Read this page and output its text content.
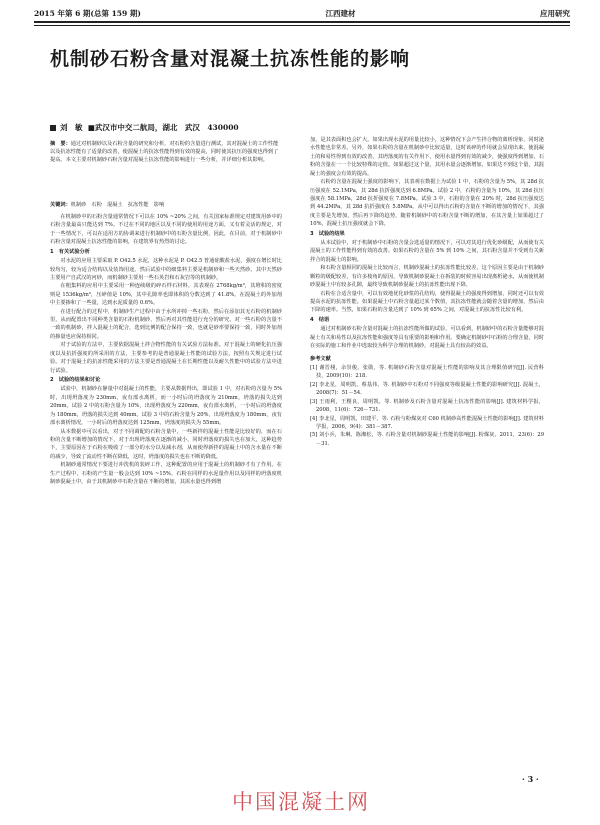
2015 年第 6 期(总第 159 期)	江西建材	应用研究
机制砂石粉含量对混凝土抗冻性能的影响
刘　敏 ■武汉市中交二航局，湖北　武汉　430000
摘　要：通过对机制砂以及石粉含量的研究和分析，对石粉的含量进行测试，其对混凝土的工作性能以及抗冻性能有了适量的改善，使混凝土的抗冻性能得到有效的提高，同时使其抗压的强度也得到了提高。本文主要对机制砂石粉含量对混凝土抗冻性能的影响进行一些分析，并详细分析其影响。
关键词：机制砂　石粉　混凝土　抗冻性能　影响

在机制砂中的石粉含量通常情况下可以在 10% ~20% 之间，有关国家标准规定对建筑用砂中的石粉含量最高只能达到 7%。不过在不同的地区以及不同的使用的用途方面，又有着灵活的规定，对于一些情况下，可以在适用方的协调来进行机制砂中的石粉含量比例，因此，在目前，对于机制砂中石粉含量对混凝土抗冻性能的影响，在建筑界有热烈的讨论。

1　有关试验分析

对水泥的应用主要采取 P. O42.5 水泥，这种水泥是 P. O42.5 普通硅酸盐水泥，强度在增长时比较均匀，较为适合结构以及装饰用途。然后试验中的细集料主要是机制砂和一些天然砂。其中天然砂主要用产自武汉的河砂，而机制砂主要用一些石英岩和石灰岩等的机制砂。

在粗集料的应用中主要采用一种连续级的碎石样石材料，其表观在 2768kg/m³，其堆积的密度则是 1536kg/m³，压碎值是 10%，其中孔隙率也即体积的分数达到了 41.8%。在混凝土的外加剂中主要掺和了一些量，达到水泥质量的 0.6%。

在进行配合的过程中，机制砂生产过程中由于水所冲掉一些石粉，然后在添加其无石粉的机制砂里，从而配置出不同种类含量的石粉机制砂，然后再对其性能进行充分的研究。对一些石粉的含量不一致的机制砂，拌入混凝土的配合，选到比例的配合保持一致，也就是砂率要保持一致，同时外加剂的掺量也应保持相同。

对于试验的方法中，主要依据混凝土拌合物性能的有关试验方法标准。对于混凝土的硬化抗压强度以及抗折强度的所采用的方法，主要参考的是普通混凝土性能的试验方法，按照有关规定进行试验。对于混凝土的抗冻性能采用的方法主要是普通混凝土在长期性能以及耐久性能中的试验方法中进行试验。

2　试验的结果和讨论

试验中，机制砂在静量中对混凝土的性能，主要从数据得出，即试验 1 中，对石粉的含量为 5% 时，出现坍落度为 230mm，夜有部水离析，而一小时后的坍落度为 210mm，坍落的损失达到 20mm。试验 2 中的石粉含量为 10%，出现坍落度为 220mm，夜有部水离析，一小时后的坍落度为 180mm，坍落的损失达到 40mm。试验 3 中的石粉含量为 20%，出现坍落度为 180mm，夜有部水离析情况，一小时后的坍落度达到 125mm，坍落度的损失为 55mm。

从本数据中可以看出，对于不同调配的石粉含量中，一些新拌的混凝土性能是比较好的，而在石粉的含量不断增加的情况下，对于出现坍落度在逐渐的减小，同时坍落度的损失也在加大，这种趋势下，主要原因在于石粉在吸收了一部分的水分以及减水剂，从而使得新拌的混凝土中的含水量在不断的减少，导致了流动性不断在降低，这时，坍落度的损失也在不断的降低。

机制砂通常情况下要进行冲洗机的装碎工作，这种配置的应用于混凝土的机制砂才有了作用。在生产过程中，石粉的产生量一般会达到 10% ~15%。石粉在同样的水泥量作用以及同样的坍落度机制砂混凝土中，由于其机制砂中石粉含量在不断的增加，其需水量也得到增

加，是其表面积也会扩大。如果出现水泥的用量比较小，这种情况下会产生拌合物的离析现象，同时泌水性能也非常差。另外，如果石粉的含量在机制砂中比较适量，这时该碎的作用就会显现出来，使混凝土的和易性得到有效的改善，其坍落度的有关作用下，使用水量得到有效的减少，使强度得到增加，石粉的含量在一一个比较特殊的定值。如果超过这个量，其用水量会逐渐增加，如果达不到这个量，其混凝土的强度会有效的提高。

石粉的含量在混凝土强度的影响下，其表观在数据上为试验 1 中，石粉的含量为 5%，其 28d 抗压强度在 52.1MPa，其 28d 抗折强度达到 6.8MPa。试验 2 中，石粉的含量为 10%，其 28d 抗压强度在 58.1MPa，28d 抗折强度在 7.8MPa。试验 3 中，石粉的含量在 20% 时，28d 抗压强度达到 44.2MPa，其 28d 抗折强度在 5.8MPa。从中可以得出石粉的含量在不断的增加的情况下，其强度主要是先增加，然后再下降的趋势，随着机制砂中的石粉含量不断的增加，在其含量上如果超过了 10%，混凝土抗压强度就会下降。

3　试验的结果

从本试验中，对于机制砂中石粉的含量会选适量的情况下，可以对其进行优化砂级配，从而使有关混凝土的工作性能得到有效的改善。如果石粉的含量在 5% 到 10% 之间，其石粉含量并不受到有关新拌合的混凝土的影响。

和石粉含量相同的混凝土比较而言，机制砂混凝土的抗冻性能比较差，这个原因主要是由于机制砂颗粒的级配较差，有许多棱角的原因，导致机制砂混凝土在拆装的时候容易出现离析泌水，从而使机制砂混凝土中有较多孔隙，最终导致机制砂混凝土的抗冻性能出现下降。

石粉在合适含量中，可以有效地优化砂浆的孔结构，使得混凝土的强度得到增加，同时还可以有效提高水泥的抗冻性能。如果混凝土中石粉含量超过某个数值，其抗冻性能就会随着含量的增加，然后由下降的速率。当然，如果石粉的含量达到了 10% 到 65% 之间，对混凝土的抗冻性比较有利。

4　结语

通过对机制砂石粉含量对混凝土的抗冻性能所做的试验，可以看到，机制砂中的石粉含量能够对混凝土有关和易性以及抗冻性能和强度等具有重要的影响和作用。要确定机制砂中石粉的合理含量，同时在实际的施工和作业中选取较为科学合理的机制砂，对混凝土具有较高的效益。

参考文献

[1] 谢晋栩，余崇俊，张勋，等. 机制砂石粉含量对混凝土性能的影响及其合理限值研究[J]. 民营科技，2009(10)：218.

[2] 李北星，周明凯，蔡基伟，等. 机制砂中石粉对不同强度等级混凝土性能的影响研究[J]. 混凝土，2008(7)：51－54.

[3] 王雨利，王稷良，周明凯，等. 机制砂及石粉含量对混凝土抗冻性能的影响[J]. 建筑材料学报，2008，11(6)：726－731.

[4] 李北星，周明凯，田建平，等. 石粉与粉煤灰对 C60 机制砂高性能混凝土性能的影响[J]. 建筑材料学报，2006，9(4)：381－387.

[5] 刘小兵，朱琳，陈湘松，等. 石粉含量对机制砂混凝土性能的影响[J]. 粉煤灰，2011，23(6)：29－31.

· 3 ·
中国混凝土网
